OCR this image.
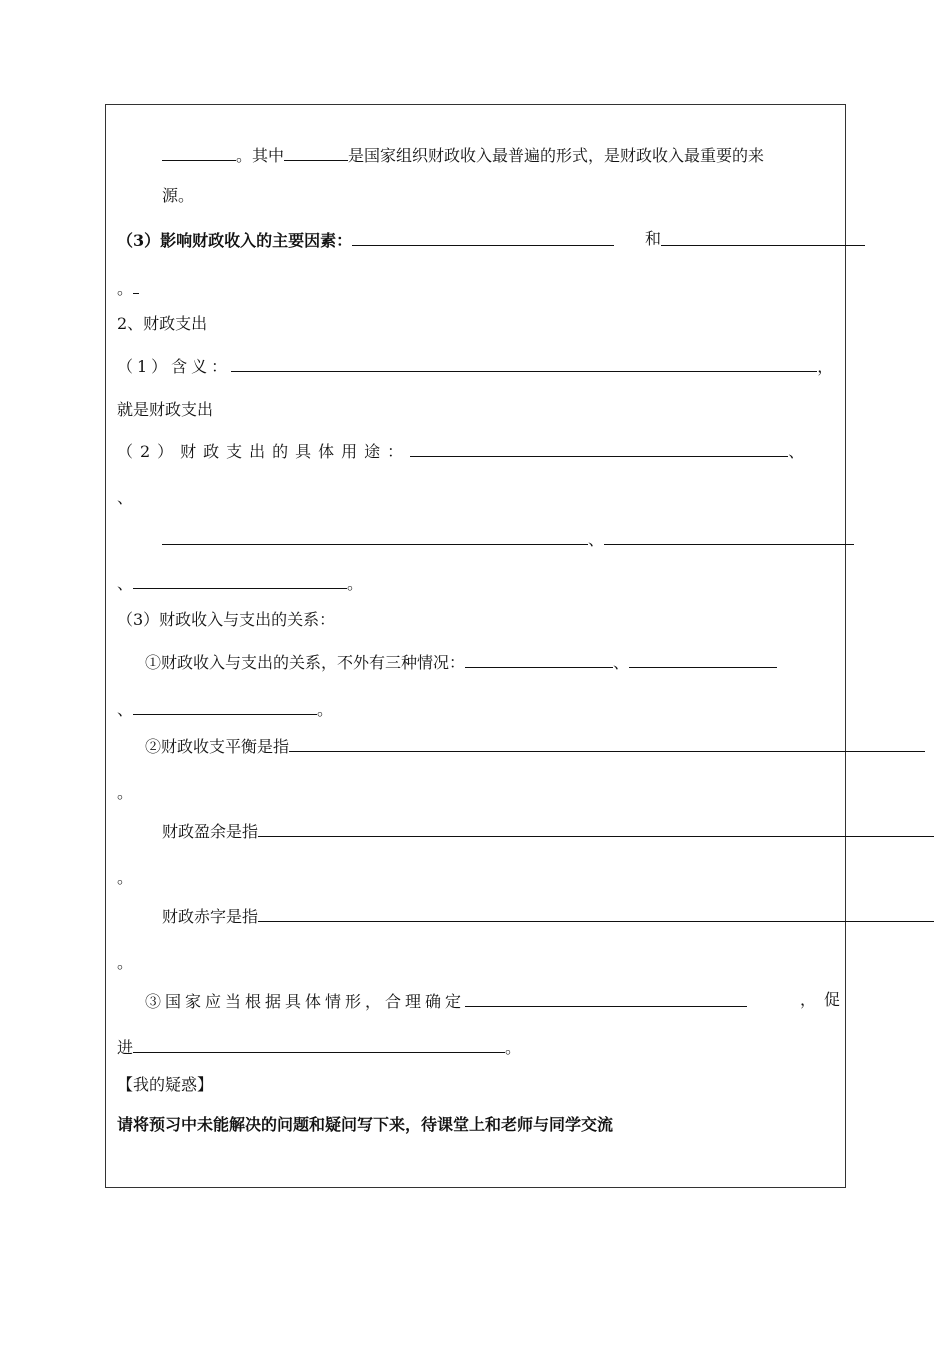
。其中	是国家组织财政收入最普遍的形式，是财政收入最重要的来
源。
（3）影响财政收入的主要因素：	和
。
2、财政支出
（1）含义：	，
就是财政支出
（2）财政支出的具体用途：	、
、
、
、	。
（3）财政收入与支出的关系：
①财政收入与支出的关系，不外有三种情况：	、
、	。
②财政收支平衡是指
。
财政盈余是指
。
财政赤字是指
。
③国家应当根据具体情形，合理确定	，促
进	。
【我的疑惑】
请将预习中未能解决的问题和疑问写下来，待课堂上和老师与同学交流
